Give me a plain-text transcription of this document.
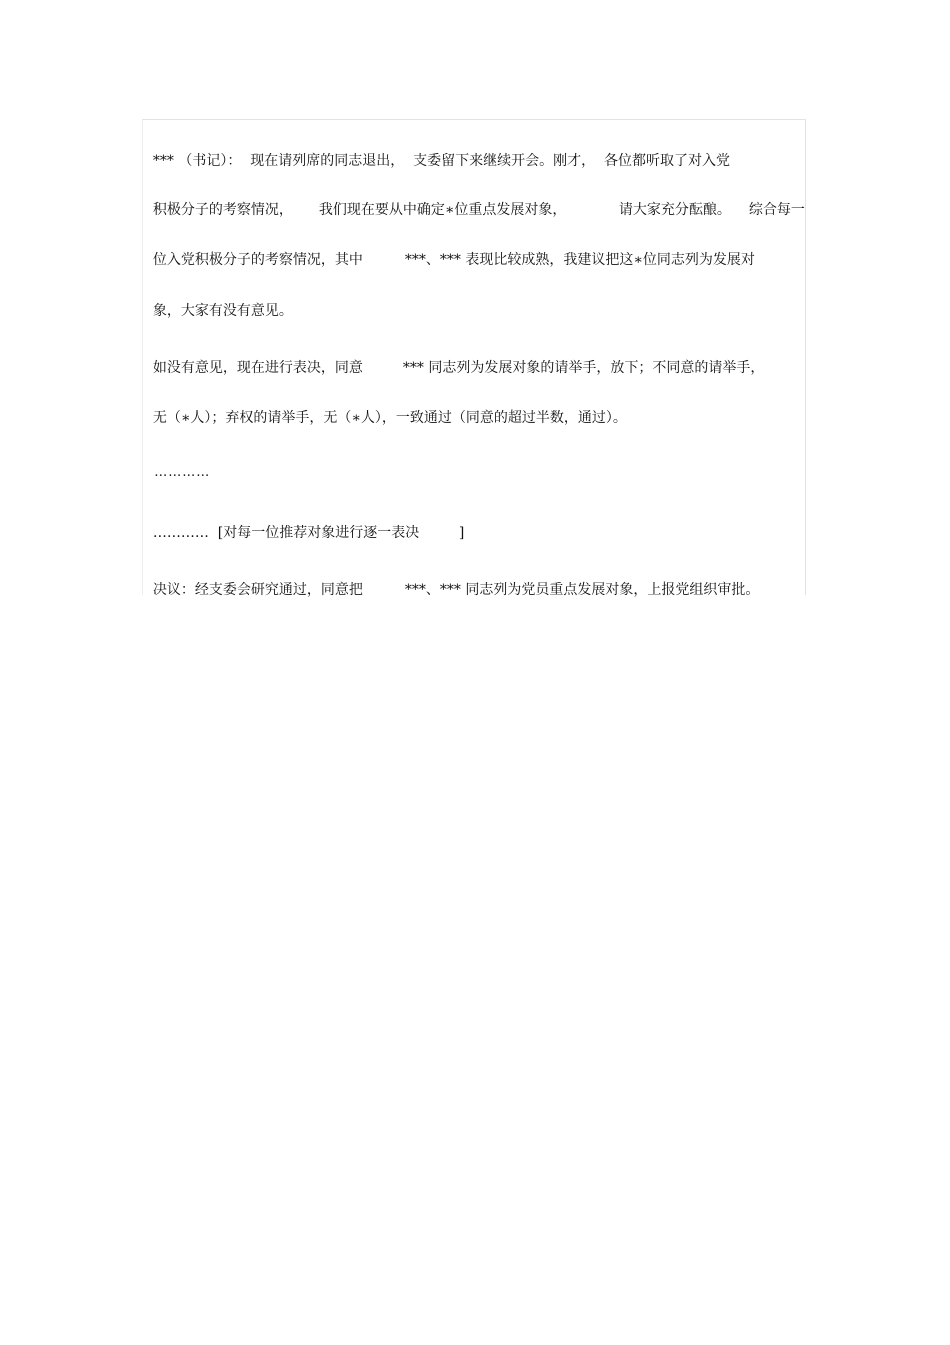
*** （书记）：  现在请列席的同志退出，  支委留下来继续开会。刚才，  各位都听取了对入党

积极分子的考察情况， 我们现在要从中确定∗位重点发展对象，	请大家充分酝酿。 综合每一

位入党积极分子的考察情况，其中	***、*** 表现比较成熟，我建议把这∗位同志列为发展对

象，大家有没有意见。

如没有意见，现在进行表决，同意	*** 同志列为发展对象的请举手，放下；不同意的请举手，

无（∗人）；弃权的请举手，无（∗人），一致通过（同意的超过半数，通过）。

…………

…………  [对每一位推荐对象进行逐一表决	]

决议：经支委会研究通过，同意把	***、*** 同志列为党员重点发展对象，上报党组织审批。
